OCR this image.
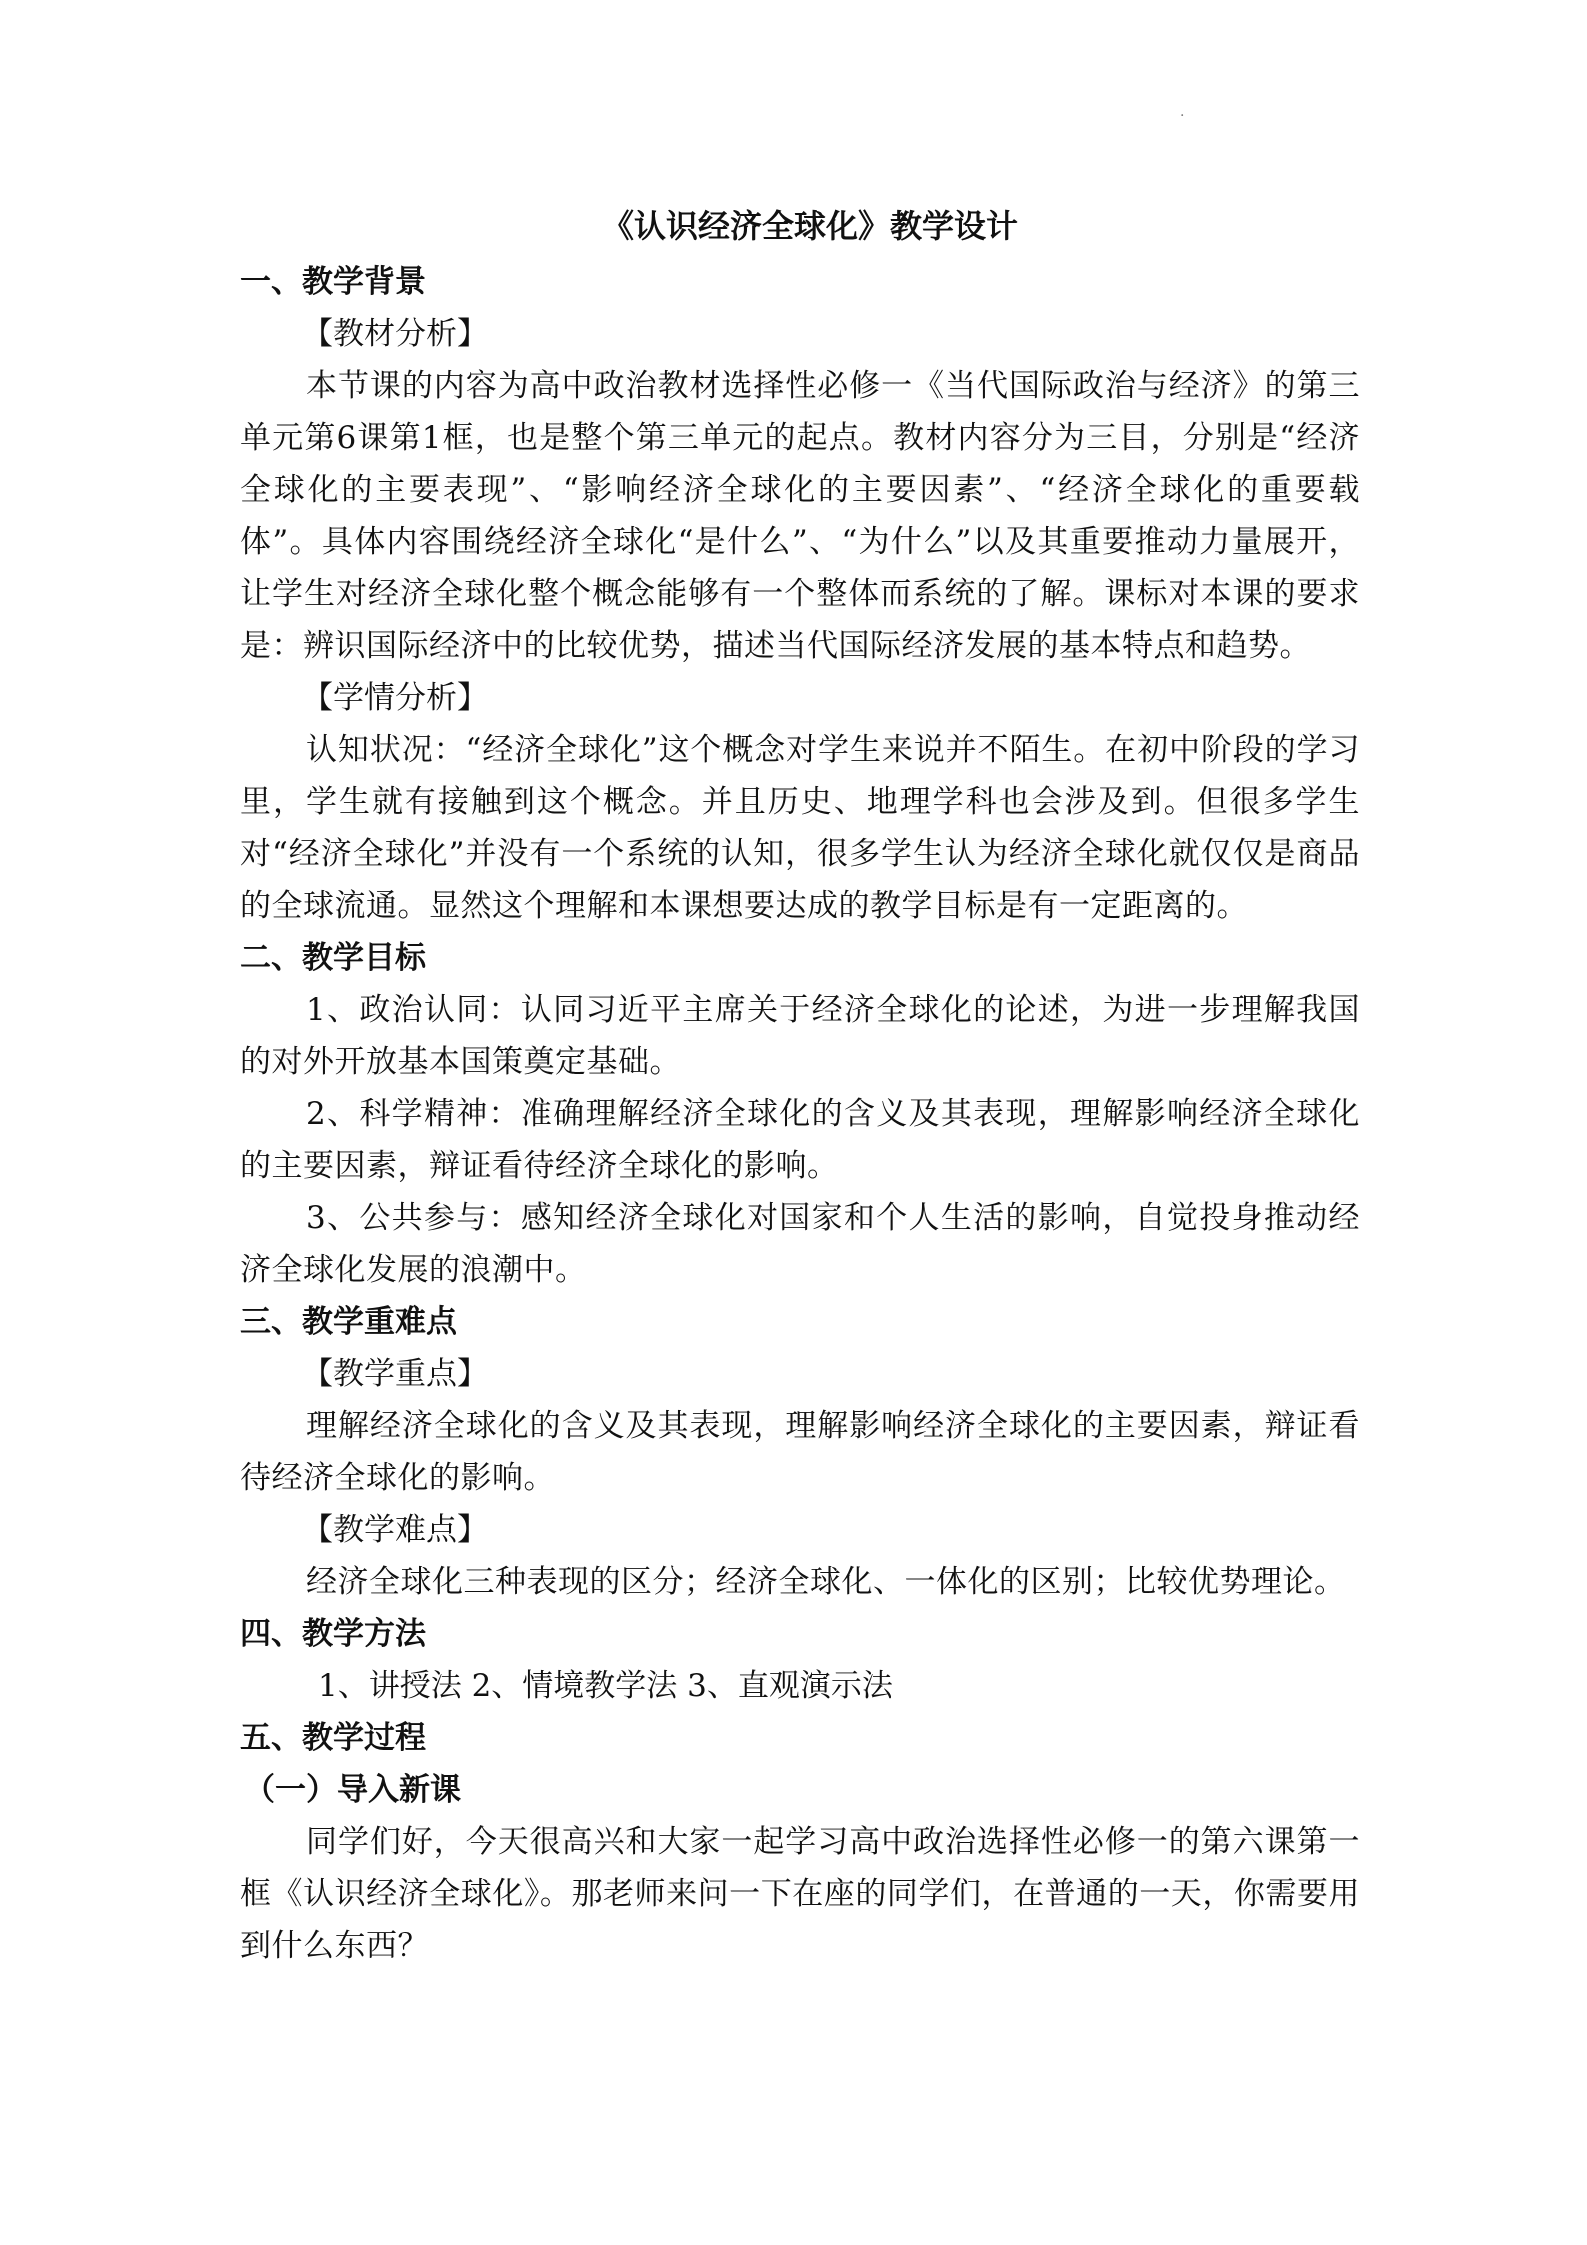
·
《认识经济全球化》教学设计
一、教学背景
【教材分析】

本节课的内容为高中政治教材选择性必修一《当代国际政治与经济》的第三单元第6课第1框，也是整个第三单元的起点。教材内容分为三目，分别是“经济全球化的主要表现”、“影响经济全球化的主要因素”、“经济全球化的重要载体”。具体内容围绕经济全球化“是什么”、“为什么”以及其重要推动力量展开，让学生对经济全球化整个概念能够有一个整体而系统的了解。课标对本课的要求是：辨识国际经济中的比较优势，描述当代国际经济发展的基本特点和趋势。

【学情分析】

认知状况：“经济全球化”这个概念对学生来说并不陌生。在初中阶段的学习里，学生就有接触到这个概念。并且历史、地理学科也会涉及到。但很多学生对“经济全球化”并没有一个系统的认知，很多学生认为经济全球化就仅仅是商品的全球流通。显然这个理解和本课想要达成的教学目标是有一定距离的。

二、教学目标

1、政治认同：认同习近平主席关于经济全球化的论述，为进一步理解我国的对外开放基本国策奠定基础。

2、科学精神：准确理解经济全球化的含义及其表现，理解影响经济全球化的主要因素，辩证看待经济全球化的影响。

3、公共参与：感知经济全球化对国家和个人生活的影响，自觉投身推动经济全球化发展的浪潮中。

三、教学重难点
【教学重点】

理解经济全球化的含义及其表现，理解影响经济全球化的主要因素，辩证看待经济全球化的影响。

【教学难点】

经济全球化三种表现的区分；经济全球化、一体化的区别；比较优势理论。

四、教学方法
1、讲授法 2、情境教学法 3、直观演示法
五、教学过程
（一）导入新课

同学们好，今天很高兴和大家一起学习高中政治选择性必修一的第六课第一框《认识经济全球化》。那老师来问一下在座的同学们，在普通的一天，你需要用到什么东西？
